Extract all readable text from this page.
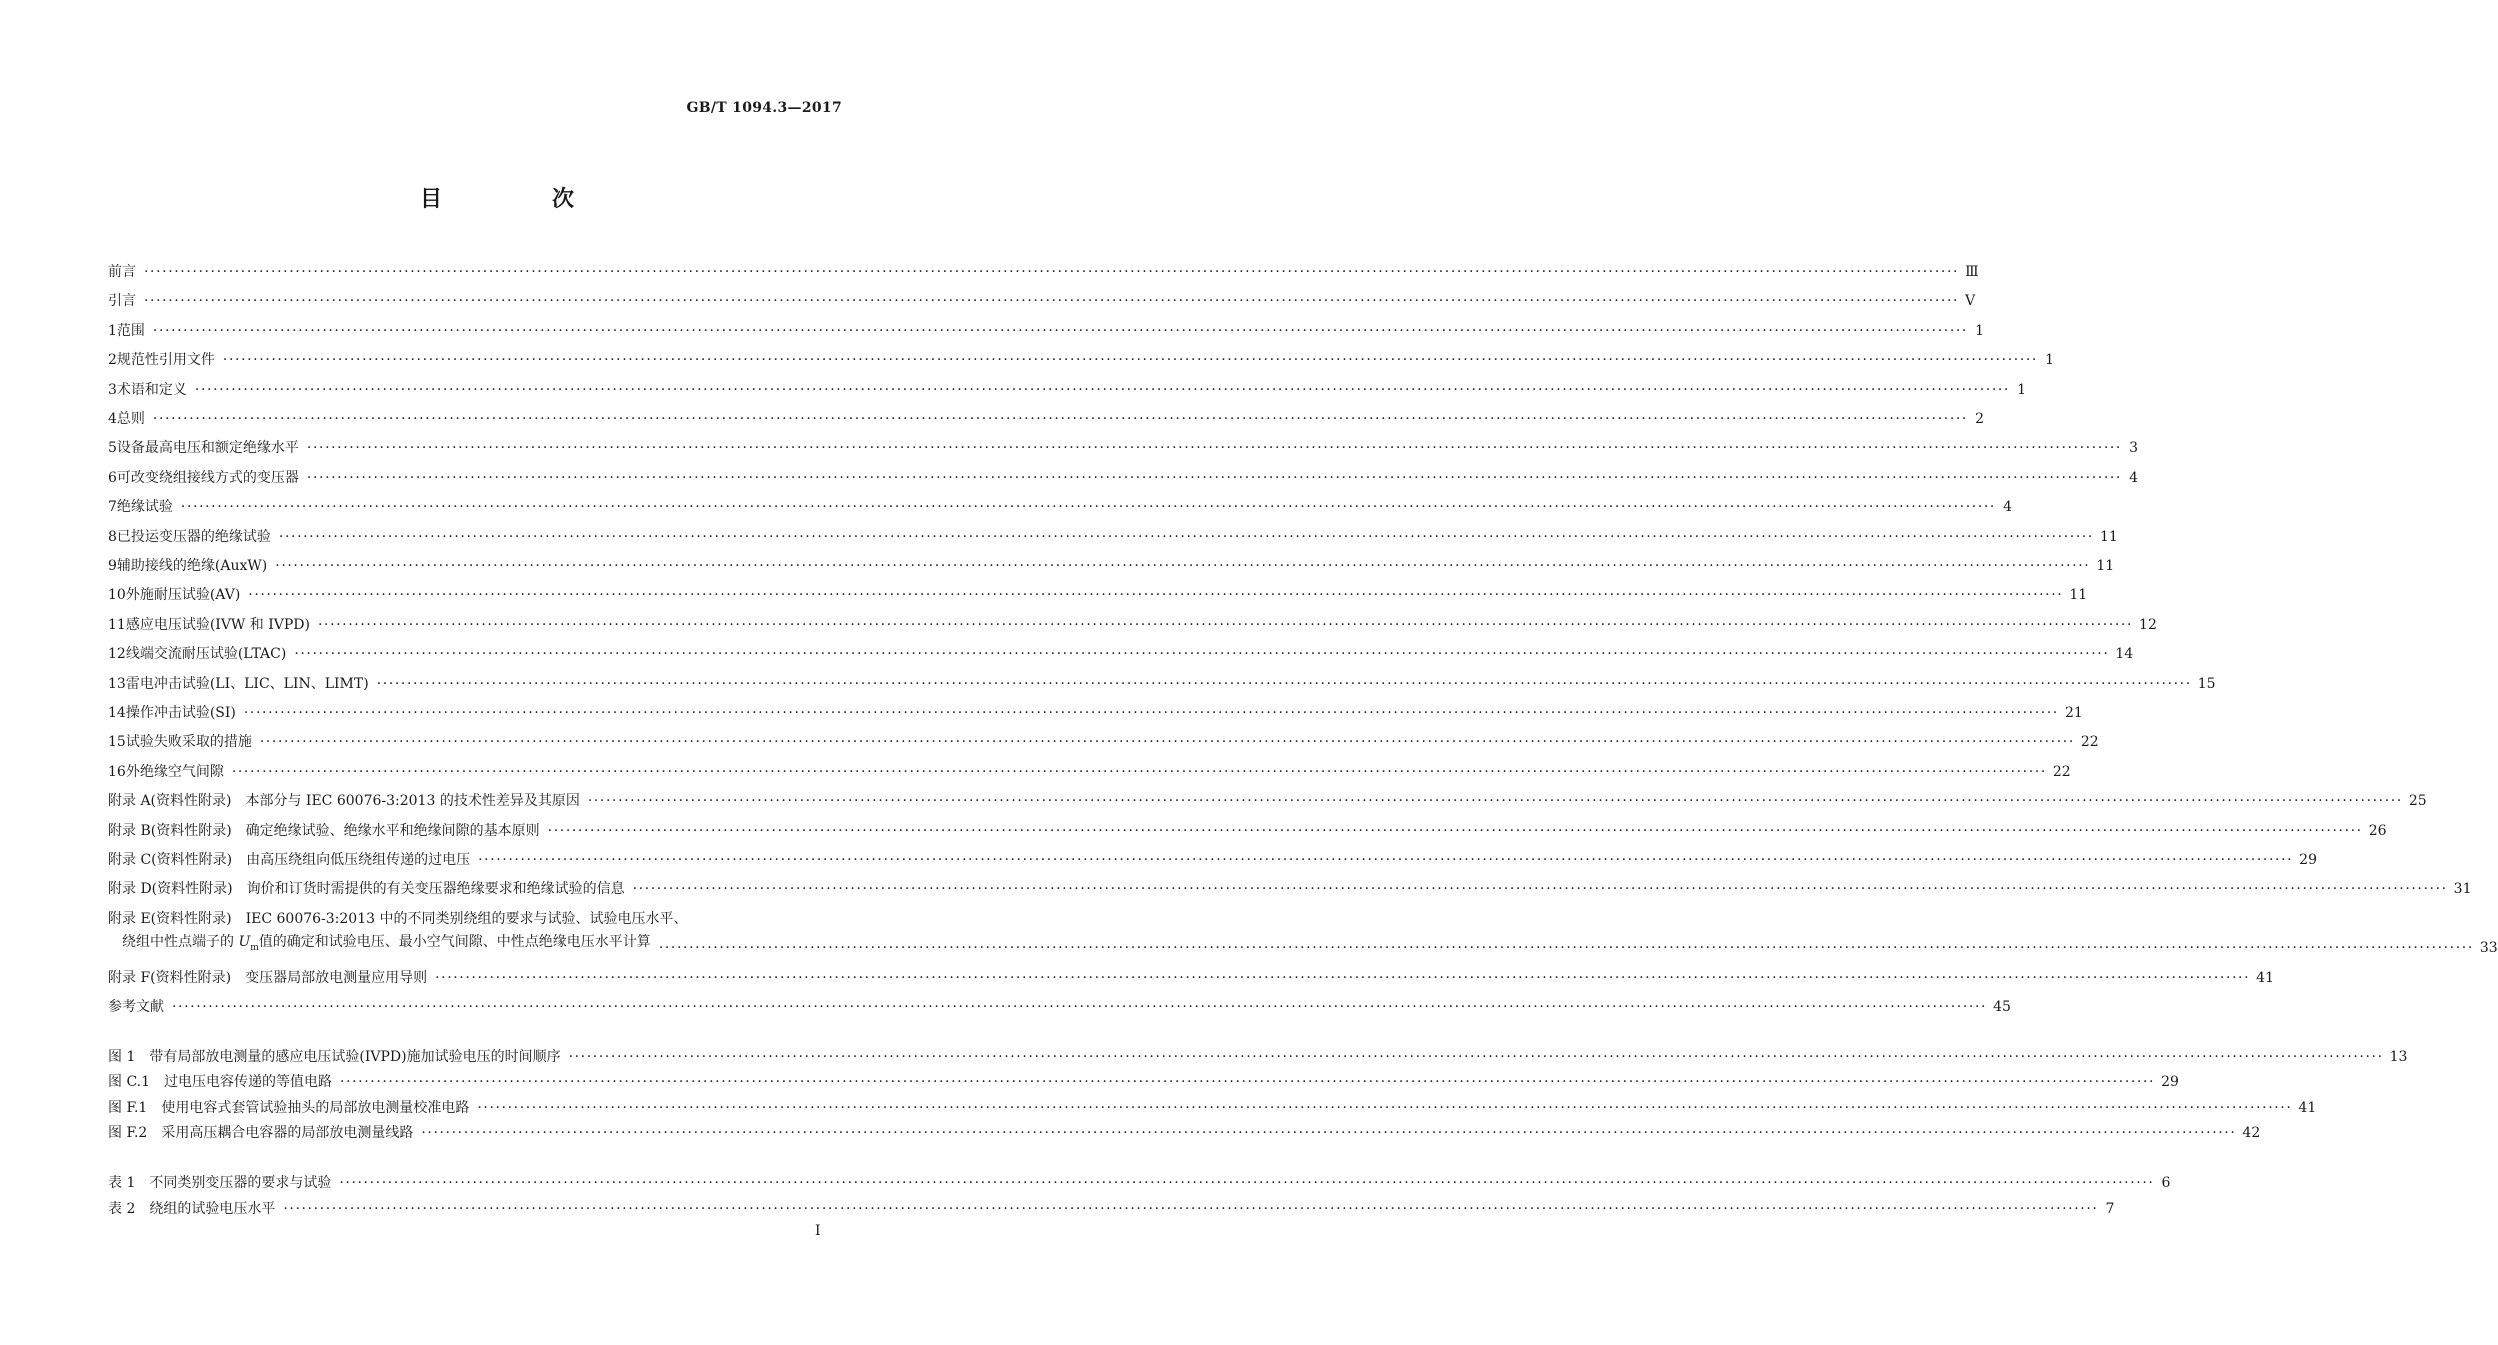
GB/T 1094.3—2017
目　次
前言 ············································································································································································································································································································ Ⅲ
引言 ············································································································································································································································································································ Ⅴ
1 范围 ············································································································································································································································································································ 1
2 规范性引用文件 ············································································································································································································································································································ 1
3 术语和定义 ············································································································································································································································································································ 1
4 总则 ············································································································································································································································································································ 2
5 设备最高电压和额定绝缘水平 ············································································································································································································································································································ 3
6 可改变绕组接线方式的变压器 ············································································································································································································································································································ 4
7 绝缘试验 ············································································································································································································································································································ 4
8 已投运变压器的绝缘试验 ············································································································································································································································································································ 11
9 辅助接线的绝缘(AuxW) ············································································································································································································································································································ 11
10 外施耐压试验(AV) ············································································································································································································································································································ 11
11 感应电压试验(IVW 和 IVPD) ············································································································································································································································································································ 12
12 线端交流耐压试验(LTAC) ············································································································································································································································································································ 14
13 雷电冲击试验(LI、LIC、LIN、LIMT) ············································································································································································································································································································ 15
14 操作冲击试验(SI) ············································································································································································································································································································ 21
15 试验失败采取的措施 ············································································································································································································································································································ 22
16 外绝缘空气间隙 ············································································································································································································································································································ 22
附录 A(资料性附录)　本部分与 IEC 60076-3:2013 的技术性差异及其原因 ············································································································································································································································································································ 25
附录 B(资料性附录)　确定绝缘试验、绝缘水平和绝缘间隙的基本原则 ············································································································································································································································································································ 26
附录 C(资料性附录)　由高压绕组向低压绕组传递的过电压 ············································································································································································································································································································ 29
附录 D(资料性附录)　询价和订货时需提供的有关变压器绝缘要求和绝缘试验的信息 ············································································································································································································································································································ 31
附录 E(资料性附录)　IEC 60076-3:2013 中的不同类别绕组的要求与试验、试验电压水平、
绕组中性点端子的 $U_m$值的确定和试验电压、最小空气间隙、中性点绝缘电压水平计算 ············································································································································································································································································································ 33
附录 F(资料性附录)　变压器局部放电测量应用导则 ············································································································································································································································································································ 41
参考文献 ············································································································································································································································································································ 45
图 1　带有局部放电测量的感应电压试验(IVPD)施加试验电压的时间顺序 ············································································································································································································································································································ 13
图 C.1　过电压电容传递的等值电路 ············································································································································································································································································································ 29
图 F.1　使用电容式套管试验抽头的局部放电测量校准电路 ············································································································································································································································································································ 41
图 F.2　采用高压耦合电容器的局部放电测量线路 ············································································································································································································································································································ 42
表 1　不同类别变压器的要求与试验 ············································································································································································································································································································ 6
表 2　绕组的试验电压水平 ············································································································································································································································································································ 7
Ⅰ
